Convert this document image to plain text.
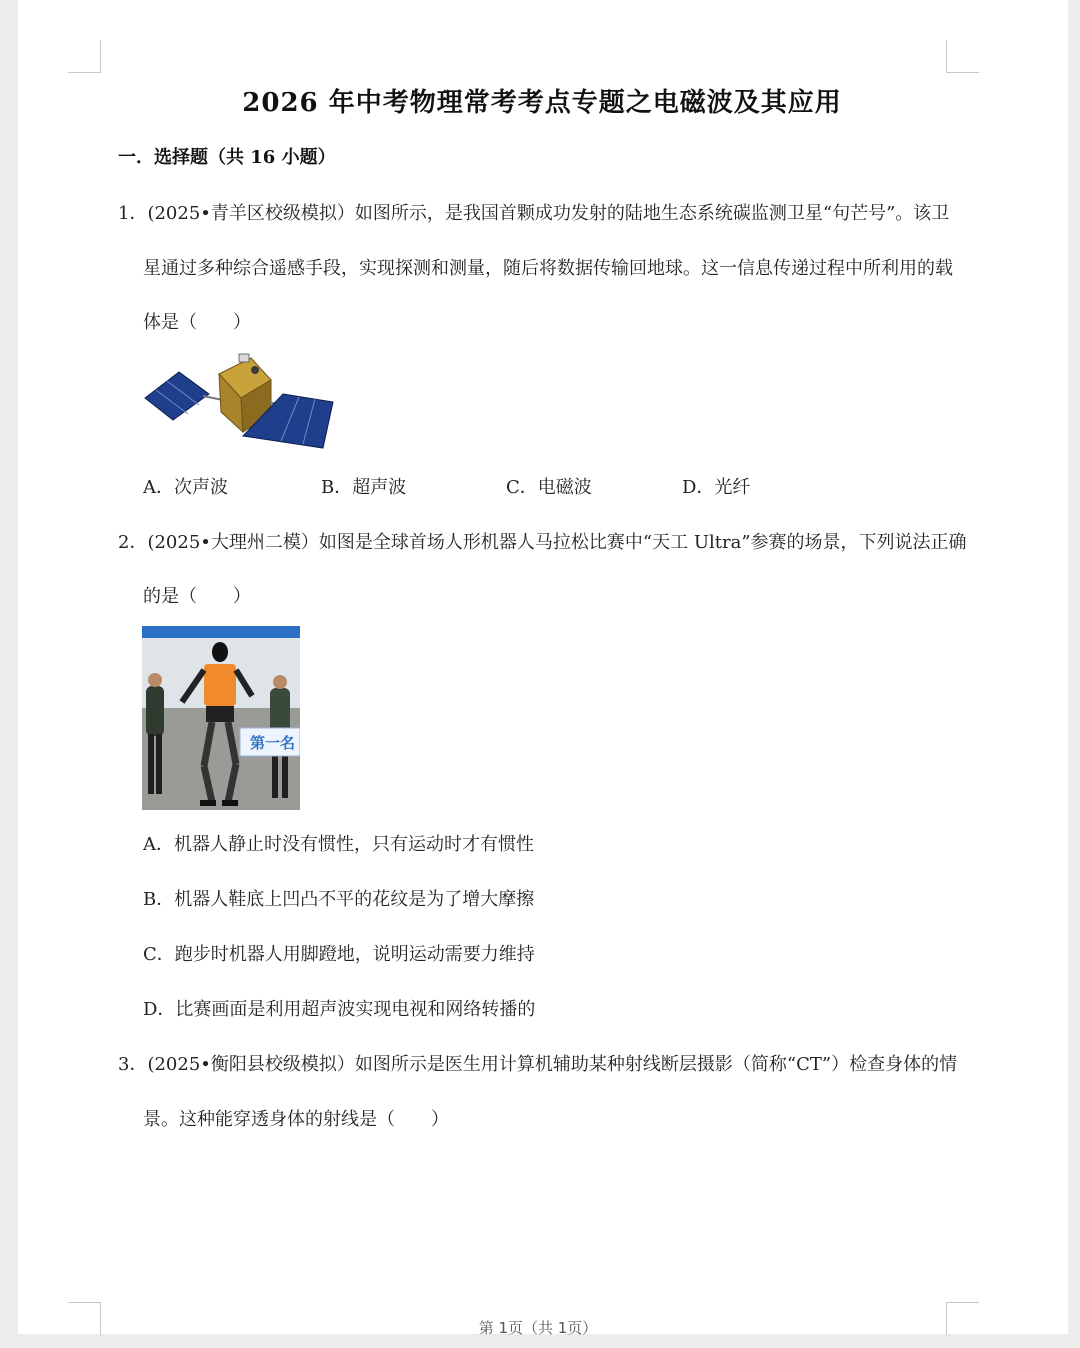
2026 年中考物理常考考点专题之电磁波及其应用
一．选择题（共 16 小题）
1．(2025•青羊区校级模拟）如图所示，是我国首颗成功发射的陆地生态系统碳监测卫星“句芒号”。该卫
星通过多种综合遥感手段，实现探测和测量，随后将数据传输回地球。这一信息传递过程中所利用的载
体是（　　）
A．次声波	B．超声波	C．电磁波	D．光纤
2．(2025•大理州二模）如图是全球首场人形机器人马拉松比赛中“天工 Ultra”参赛的场景，下列说法正确
的是（　　）
第一名
A．机器人静止时没有惯性，只有运动时才有惯性
B．机器人鞋底上凹凸不平的花纹是为了增大摩擦
C．跑步时机器人用脚蹬地，说明运动需要力维持
D．比赛画面是利用超声波实现电视和网络转播的
3．(2025•衡阳县校级模拟）如图所示是医生用计算机辅助某种射线断层摄影（简称“CT”）检查身体的情
景。这种能穿透身体的射线是（　　）
第 1页（共 1页）
